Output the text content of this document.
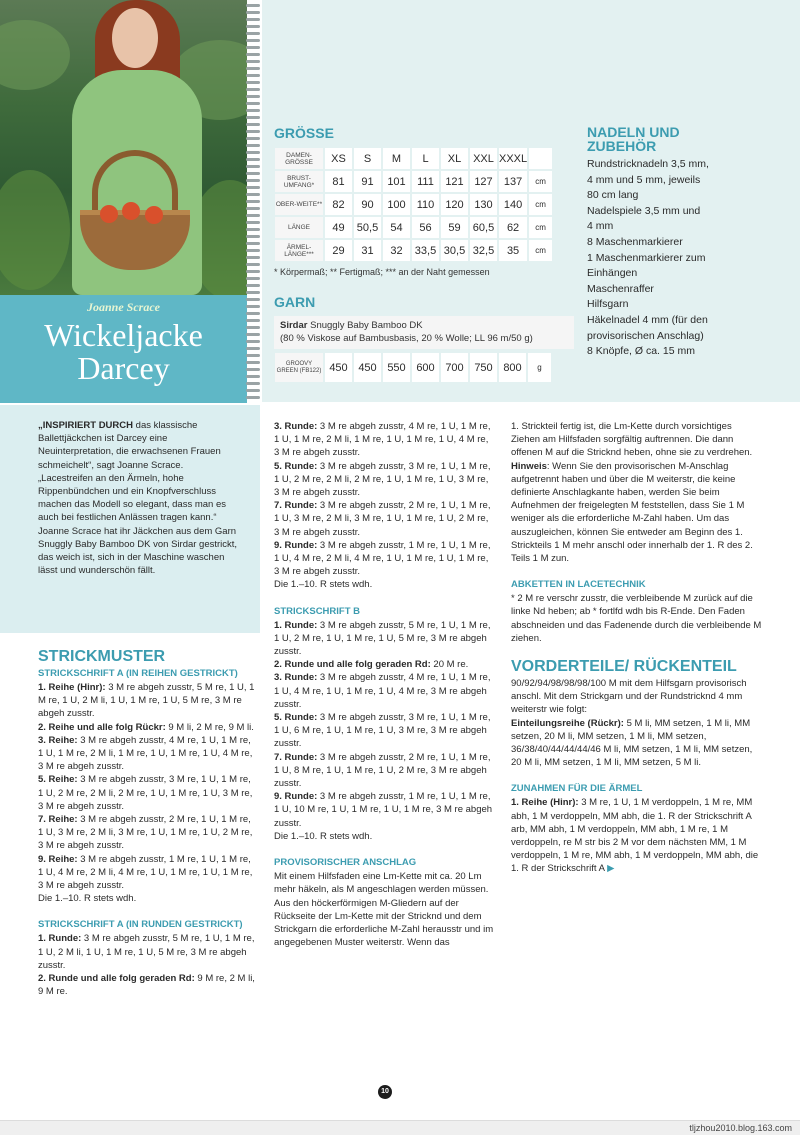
Joanne Scrace
Wickeljacke
Darcey
GRÖSSE
DAMEN-GRÖSSE	XS	S	M	L	XL	XXL	XXXL	
BRUST-UMFANG*	81	91	101	111	121	127	137	cm
OBER-WEITE**	82	90	100	110	120	130	140	cm
LÄNGE	49	50,5	54	56	59	60,5	62	cm
ÄRMEL-LÄNGE***	29	31	32	33,5	30,5	32,5	35	cm
* Körpermaß; ** Fertigmaß; *** an der Naht gemessen
GARN
Sirdar Snuggly Baby Bamboo DK
(80 % Viskose auf Bambusbasis, 20 % Wolle; LL 96 m/50 g)
GROOVY GREEN (FB122)	450	450	550	600	700	750	800	g
NADELN UND
ZUBEHÖR
Rundstricknadeln 3,5 mm,
4 mm und 5 mm, jeweils
80 cm lang
Nadelspiele 3,5 mm und
4 mm
8 Maschenmarkierer
1 Maschenmarkierer zum
Einhängen
Maschenraffer
Hilfsgarn
Häkelnadel 4 mm (für den
provisorischen Anschlag)
8 Knöpfe, Ø ca. 15 mm
„INSPIRIERT DURCH das klassische Ballettjäckchen ist Darcey eine Neuinterpretation, die erwachsenen Frauen schmeichelt“, sagt Joanne Scrace. „Lacestreifen an den Ärmeln, hohe Rippenbündchen und ein Knopfverschluss machen das Modell so elegant, dass man es auch bei festlichen Anlässen tragen kann.“ Joanne Scrace hat ihr Jäckchen aus dem Garn Snuggly Baby Bamboo DK von Sirdar gestrickt, das weich ist, sich in der Maschine waschen lässt und wunderschön fällt.
STRICKMUSTER
STRICKSCHRIFT A (IN REIHEN GESTRICKT)

1. Reihe (Hinr): 3 M re abgeh zusstr, 5 M re, 1 U, 1 M re, 1 U, 2 M li, 1 U, 1 M re, 1 U, 5 M re, 3 M re abgeh zusstr.

2. Reihe und alle folg Rückr: 9 M li, 2 M re, 9 M li.

3. Reihe: 3 M re abgeh zusstr, 4 M re, 1 U, 1 M re, 1 U, 1 M re, 2 M li, 1 M re, 1 U, 1 M re, 1 U, 4 M re, 3 M re abgeh zusstr.

5. Reihe: 3 M re abgeh zusstr, 3 M re, 1 U, 1 M re, 1 U, 2 M re, 2 M li, 2 M re, 1 U, 1 M re, 1 U, 3 M re, 3 M re abgeh zusstr.

7. Reihe: 3 M re abgeh zusstr, 2 M re, 1 U, 1 M re, 1 U, 3 M re, 2 M li, 3 M re, 1 U, 1 M re, 1 U, 2 M re, 3 M re abgeh zusstr.

9. Reihe: 3 M re abgeh zusstr, 1 M re, 1 U, 1 M re, 1 U, 4 M re, 2 M li, 4 M re, 1 U, 1 M re, 1 U, 1 M re, 3 M re abgeh zusstr.

Die 1.–10. R stets wdh.

STRICKSCHRIFT A (IN RUNDEN GESTRICKT)

1. Runde: 3 M re abgeh zusstr, 5 M re, 1 U, 1 M re, 1 U, 2 M li, 1 U, 1 M re, 1 U, 5 M re, 3 M re abgeh zusstr.

2. Runde und alle folg geraden Rd: 9 M re, 2 M li, 9 M re.

3. Runde: 3 M re abgeh zusstr, 4 M re, 1 U, 1 M re, 1 U, 1 M re, 2 M li, 1 M re, 1 U, 1 M re, 1 U, 4 M re, 3 M re abgeh zusstr.

5. Runde: 3 M re abgeh zusstr, 3 M re, 1 U, 1 M re, 1 U, 2 M re, 2 M li, 2 M re, 1 U, 1 M re, 1 U, 3 M re, 3 M re abgeh zusstr.

7. Runde: 3 M re abgeh zusstr, 2 M re, 1 U, 1 M re, 1 U, 3 M re, 2 M li, 3 M re, 1 U, 1 M re, 1 U, 2 M re, 3 M re abgeh zusstr.

9. Runde: 3 M re abgeh zusstr, 1 M re, 1 U, 1 M re, 1 U, 4 M re, 2 M li, 4 M re, 1 U, 1 M re, 1 U, 1 M re, 3 M re abgeh zusstr.

Die 1.–10. R stets wdh.

STRICKSCHRIFT B

1. Runde: 3 M re abgeh zusstr, 5 M re, 1 U, 1 M re, 1 U, 2 M re, 1 U, 1 M re, 1 U, 5 M re, 3 M re abgeh zusstr.

2. Runde und alle folg geraden Rd: 20 M re.

3. Runde: 3 M re abgeh zusstr, 4 M re, 1 U, 1 M re, 1 U, 4 M re, 1 U, 1 M re, 1 U, 4 M re, 3 M re abgeh zusstr.

5. Runde: 3 M re abgeh zusstr, 3 M re, 1 U, 1 M re, 1 U, 6 M re, 1 U, 1 M re, 1 U, 3 M re, 3 M re abgeh zusstr.

7. Runde: 3 M re abgeh zusstr, 2 M re, 1 U, 1 M re, 1 U, 8 M re, 1 U, 1 M re, 1 U, 2 M re, 3 M re abgeh zusstr.

9. Runde: 3 M re abgeh zusstr, 1 M re, 1 U, 1 M re, 1 U, 10 M re, 1 U, 1 M re, 1 U, 1 M re, 3 M re abgeh zusstr.

Die 1.–10. R stets wdh.

PROVISORISCHER ANSCHLAG

Mit einem Hilfsfaden eine Lm-Kette mit ca. 20 Lm mehr häkeln, als M angeschlagen werden müssen. Aus den höckerförmigen M-Gliedern auf der Rückseite der Lm-Kette mit der Stricknd und dem Strickgarn die erforderliche M-Zahl herausstr und im angegebenen Muster weiterstr. Wenn das

1. Strickteil fertig ist, die Lm-Kette durch vorsichtiges Ziehen am Hilfsfaden sorgfältig auftrennen. Die dann offenen M auf die Stricknd heben, ohne sie zu verdrehen.

Hinweis: Wenn Sie den provisorischen M-Anschlag aufgetrennt haben und über die M weiterstr, die keine definierte Anschlagkante haben, werden Sie beim Aufnehmen der freigelegten M feststellen, dass Sie 1 M weniger als die erforderliche M-Zahl haben. Um das auszugleichen, können Sie entweder am Beginn des 1. Strickteils 1 M mehr anschl oder innerhalb der 1. R des 2. Teils 1 M zun.

ABKETTEN IN LACETECHNIK

* 2 M re verschr zusstr, die verbleibende M zurück auf die linke Nd heben; ab * fortlfd wdh bis R-Ende. Den Faden abschneiden und das Fadenende durch die verbleibende M ziehen.

VORDERTEILE/ RÜCKENTEIL

90/92/94/98/98/98/100 M mit dem Hilfsgarn provisorisch anschl. Mit dem Strickgarn und der Rundstricknd 4 mm weiterstr wie folgt:

Einteilungsreihe (Rückr): 5 M li, MM setzen, 1 M li, MM setzen, 20 M li, MM setzen, 1 M li, MM setzen, 36/38/40/44/44/44/46 M li, MM setzen, 1 M li, MM setzen, 20 M li, MM setzen, 1 M li, MM setzen, 5 M li.

ZUNAHMEN FÜR DIE ÄRMEL

1. Reihe (Hinr): 3 M re, 1 U, 1 M verdoppeln, 1 M re, MM abh, 1 M verdoppeln, MM abh, die 1. R der Strickschrift A arb, MM abh, 1 M verdoppeln, MM abh, 1 M re, 1 M verdoppeln, re M str bis 2 M vor dem nächsten MM, 1 M verdoppeln, 1 M re, MM abh, 1 M verdoppeln, MM abh, die 1. R der Strickschrift A ▶

10
tljzhou2010.blog.163.com
